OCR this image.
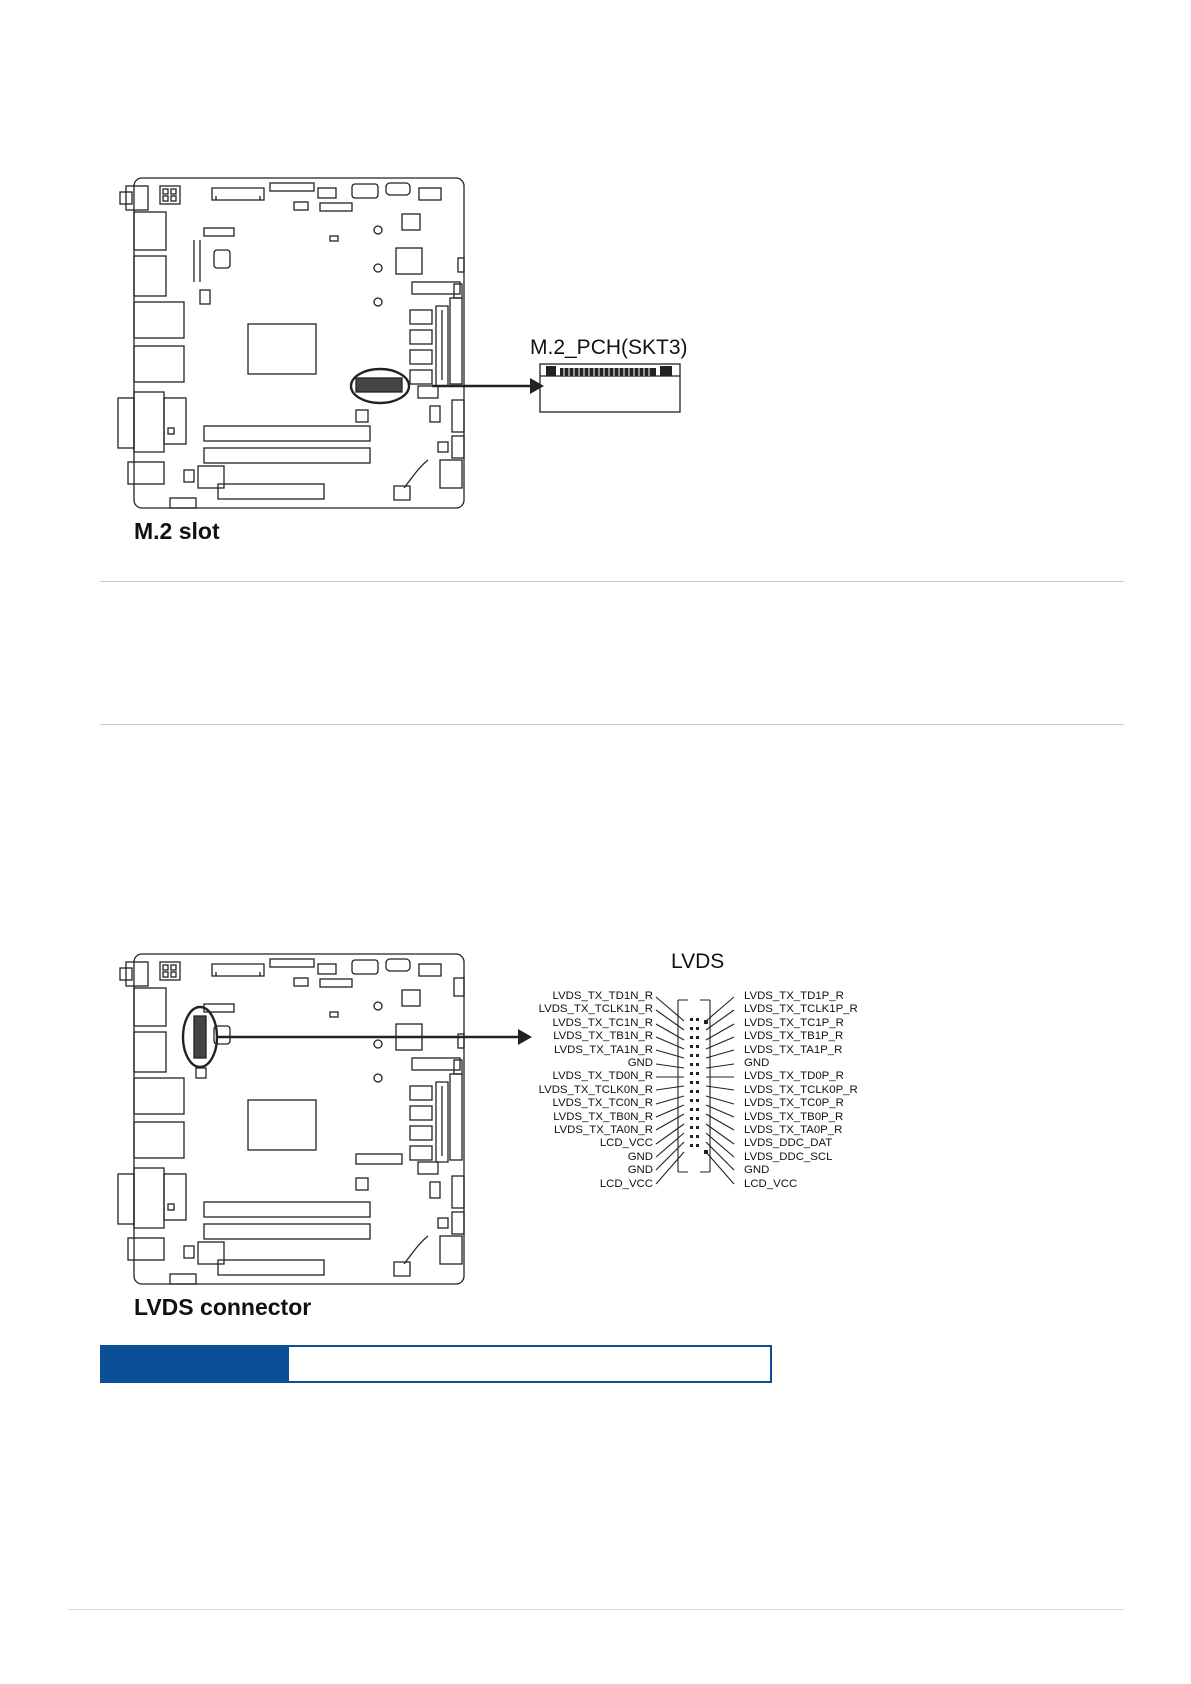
M.2_PCH(SKT3)
M.2 slot
LVDS
LVDS_TX_TD1N_R
LVDS_TX_TCLK1N_R
LVDS_TX_TC1N_R
LVDS_TX_TB1N_R
LVDS_TX_TA1N_R
GND
LVDS_TX_TD0N_R
LVDS_TX_TCLK0N_R
LVDS_TX_TC0N_R
LVDS_TX_TB0N_R
LVDS_TX_TA0N_R
LCD_VCC
GND
GND
LCD_VCC
LVDS_TX_TD1P_R
LVDS_TX_TCLK1P_R
LVDS_TX_TC1P_R
LVDS_TX_TB1P_R
LVDS_TX_TA1P_R
GND
LVDS_TX_TD0P_R
LVDS_TX_TCLK0P_R
LVDS_TX_TC0P_R
LVDS_TX_TB0P_R
LVDS_TX_TA0P_R
LVDS_DDC_DAT
LVDS_DDC_SCL
GND
LCD_VCC
LVDS connector
